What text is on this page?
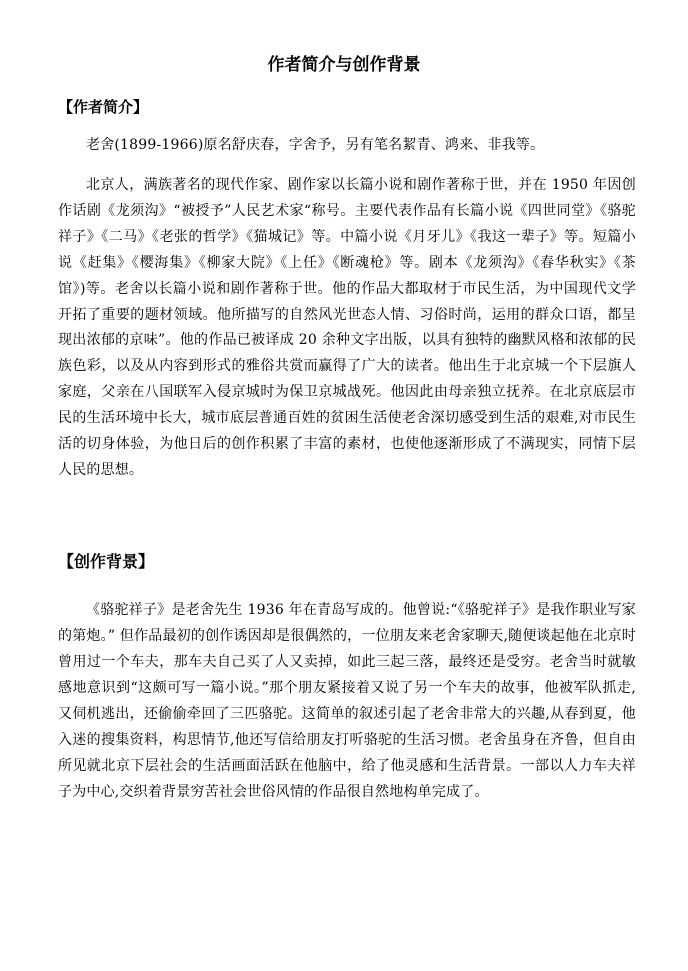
作者简介与创作背景
【作者简介】

老舍(1899-1966)原名舒庆春，字舍予，另有笔名絜青、鸿来、非我等。

北京人，满族著名的现代作家、剧作家以长篇小说和剧作著称于世，并在 1950 年因创作话剧《龙须沟》“被授予”人民艺术家“称号。主要代表作品有长篇小说《四世同堂》《骆驼祥子》《二马》《老张的哲学》《猫城记》等。中篇小说《月牙儿》《我这一辈子》等。短篇小说《赶集》《樱海集》《柳家大院》《上任》《断魂枪》等。剧本《龙须沟》《春华秋实》《茶馆》)等。老舍以长篇小说和剧作著称于世。他的作品大都取材于市民生活，为中国现代文学开拓了重要的题材领域。他所描写的自然风光世态人情、习俗时尚，运用的群众口语，都呈现出浓郁的京味”。他的作品已被译成 20 余种文字出版，以具有独特的幽默风格和浓郁的民族色彩，以及从内容到形式的雅俗共赏而赢得了广大的读者。他出生于北京城一个下层旗人家庭，父亲在八国联军入侵京城时为保卫京城战死。他因此由母亲独立抚养。在北京底层市民的生活环境中长大，城市底层普通百姓的贫困生活使老舍深切感受到生活的艰难,对市民生活的切身体验，为他日后的创作积累了丰富的素材，也使他逐渐形成了不满现实，同情下层人民的思想。

【创作背景】

《骆驼祥子》是老舍先生 1936 年在青岛写成的。他曾说:“《骆驼祥子》是我作职业写家的第炮。” 但作品最初的创作诱因却是很偶然的，一位朋友来老舍家聊天,随便谈起他在北京时曾用过一个车夫，那车夫自己买了人又卖掉，如此三起三落，最终还是受穷。老舍当时就敏感地意识到“这颇可写一篇小说。”那个朋友紧接着又说了另一个车夫的故事，他被军队抓走,又伺机逃出，还偷偷牵回了三匹骆驼。这简单的叙述引起了老舍非常大的兴趣,从春到夏，他入迷的搜集资料，构思情节,他还写信给朋友打听骆驼的生活习惯。老舍虽身在齐鲁，但自由所见就北京下层社会的生活画面活跃在他脑中，给了他灵感和生活背景。一部以人力车夫祥子为中心,交织着背景穷苦社会世俗风情的作品很自然地构单完成了。
